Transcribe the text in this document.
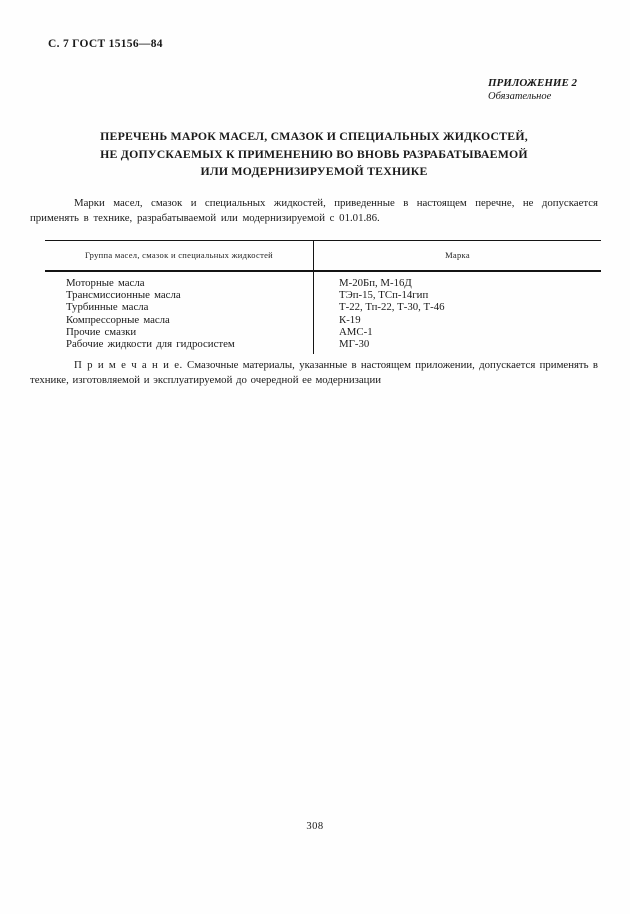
С. 7 ГОСТ 15156—84
ПРИЛОЖЕНИЕ 2
Обязательное
ПЕРЕЧЕНЬ МАРОК МАСЕЛ, СМАЗОК И СПЕЦИАЛЬНЫХ ЖИДКОСТЕЙ,
НЕ ДОПУСКАЕМЫХ К ПРИМЕНЕНИЮ ВО ВНОВЬ РАЗРАБАТЫВАЕМОЙ
ИЛИ МОДЕРНИЗИРУЕМОЙ ТЕХНИКЕ

Марки масел, смазок и специальных жидкостей, приведенные в настоящем перечне, не допускается применять в технике, разрабатываемой или модернизируемой с 01.01.86.

Группа масел, смазок и специальных жидкостей	Марка
Моторные масла	М-20Бп, М-16Д
Трансмиссионные масла	ТЭп-15, ТСп-14гип
Турбинные масла	Т-22, Тп-22, Т-30, Т-46
Компрессорные масла	К-19
Прочие смазки	АМС-1
Рабочие жидкости для гидросистем	МГ-30

П р и м е ч а н и е. Смазочные материалы, указанные в настоящем приложении, допускается применять в технике, изготовляемой и эксплуатируемой до очередной ее модернизации

308
